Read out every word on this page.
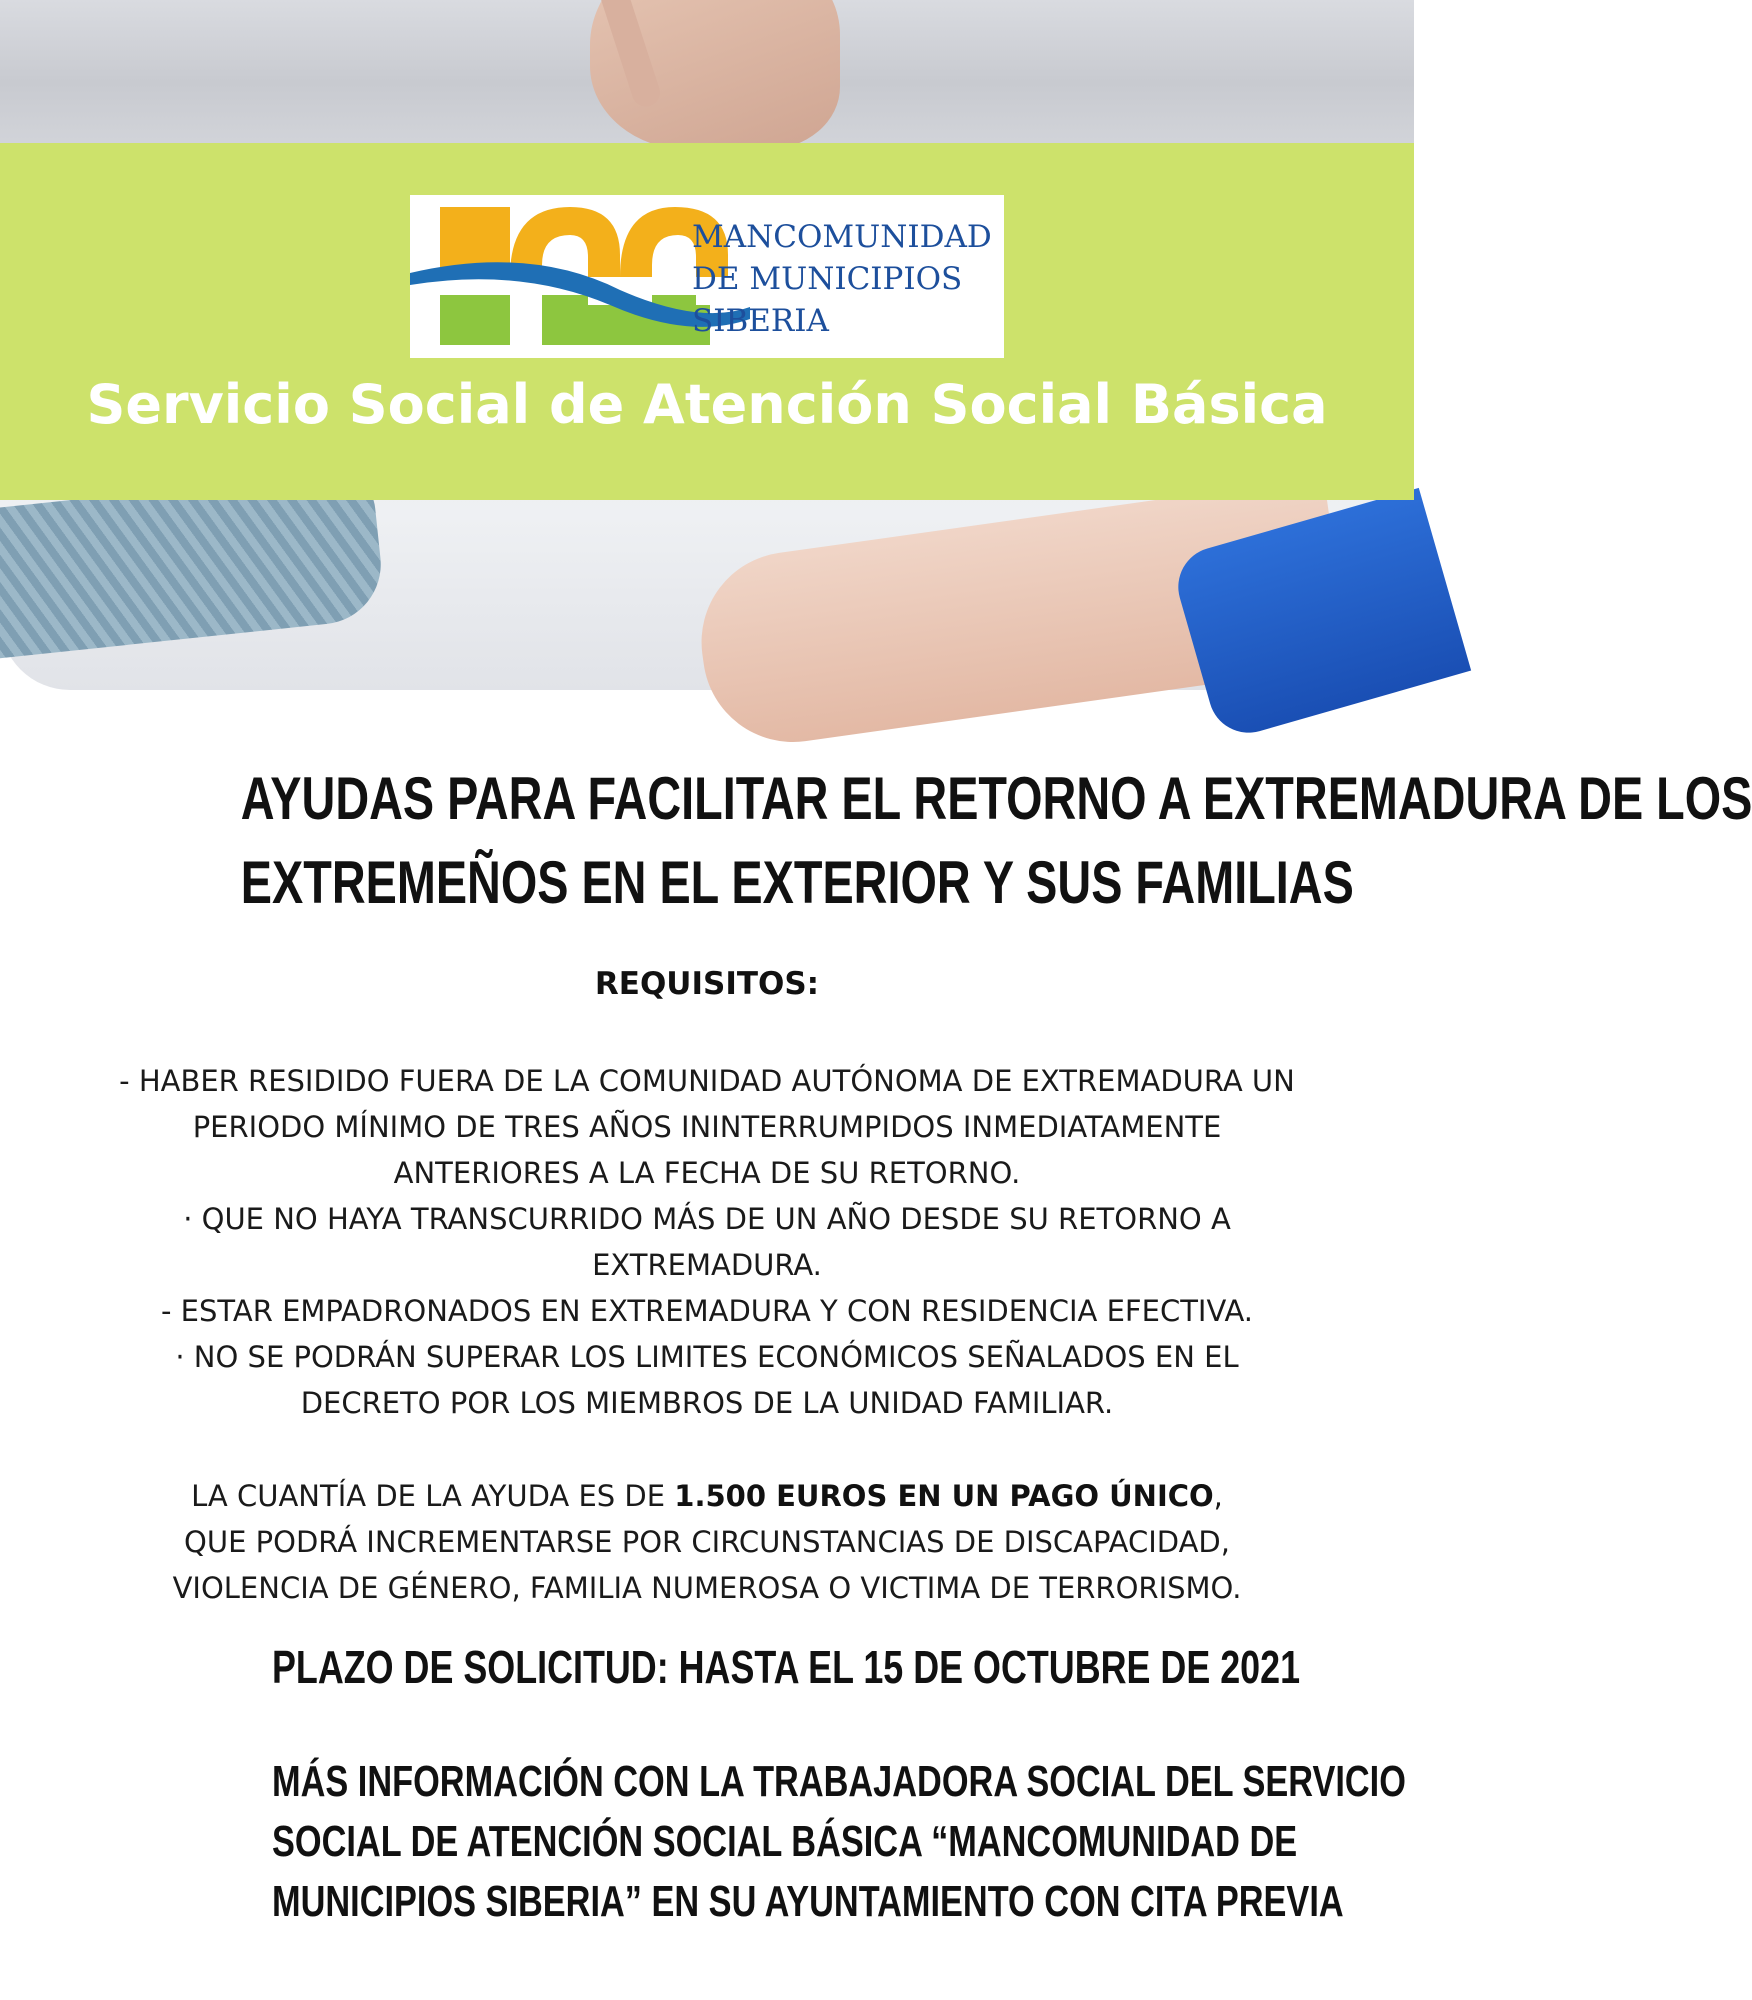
MANCOMUNIDAD
DE MUNICIPIOS
SIBERIA
Servicio Social de Atención Social Básica
AYUDAS PARA FACILITAR EL RETORNO A EXTREMADURA DE LOS
EXTREMEÑOS EN EL EXTERIOR Y SUS FAMILIAS
REQUISITOS:
- HABER RESIDIDO FUERA DE LA COMUNIDAD AUTÓNOMA DE EXTREMADURA UN
PERIODO MÍNIMO DE TRES AÑOS ININTERRUMPIDOS INMEDIATAMENTE
ANTERIORES A LA FECHA DE SU RETORNO.
· QUE NO HAYA TRANSCURRIDO MÁS DE UN AÑO DESDE SU RETORNO A
EXTREMADURA.
- ESTAR EMPADRONADOS EN EXTREMADURA Y CON RESIDENCIA EFECTIVA.
· NO SE PODRÁN SUPERAR LOS LIMITES ECONÓMICOS SEÑALADOS EN EL
DECRETO POR LOS MIEMBROS DE LA UNIDAD FAMILIAR.
LA CUANTÍA DE LA AYUDA ES DE 1.500 EUROS EN UN PAGO ÚNICO,
QUE PODRÁ INCREMENTARSE POR CIRCUNSTANCIAS DE DISCAPACIDAD,
VIOLENCIA DE GÉNERO, FAMILIA NUMEROSA O VICTIMA DE TERRORISMO.
PLAZO DE SOLICITUD: HASTA EL 15 DE OCTUBRE DE 2021
MÁS INFORMACIÓN CON LA TRABAJADORA SOCIAL DEL SERVICIO
SOCIAL DE ATENCIÓN SOCIAL BÁSICA “MANCOMUNIDAD DE
MUNICIPIOS SIBERIA” EN SU AYUNTAMIENTO CON CITA PREVIA
